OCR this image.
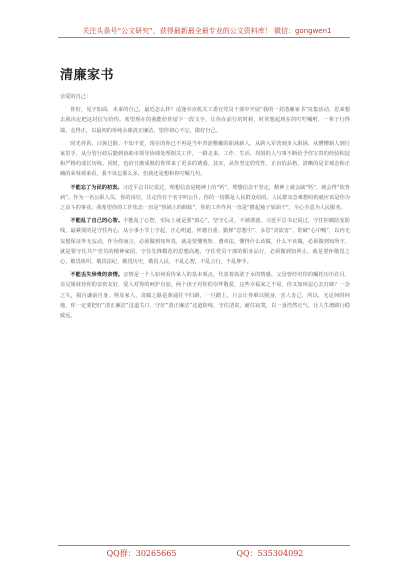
关注头条号“公文研究”，获得最新最全最专业的公文资料库！ 微信：gongwen1
清廉家书

亲爱的自己：

你好，见字如面。未来的自己，最近怎么样？适逢市直机关工委在党员干部中开展“我的一封清廉家书”征集活动，思来想去我决定把这封信写给你。希望现在的我能给你留下一段文字，让你在前行的时候，时常想起现在的叮咛嘱咐，一辈子行得端、走得正，以最初的单纯永葆清正廉洁，望你初心不忘，做好自己。

时光荏苒，白驹过隙。不知不觉，现在的你已不再是当年青涩稚嫩的职场新人，从跨入军营到步入职场，从懵懵新人到行家里手，从分管行政后勤到协助市领导协调处理相关工作，一路走来，工作、生活、周围的人与事不断给予你宝贵的经验积淀和严格的成长历练，同时，也给日渐成熟的你带来了更多的诱惑。其实，从你坚定的党性、正直的品格、清晰的是非观念和正确的荣辱观来看，我不该忘那么多，但我还是想和你叮嘱几句。

不能忘了为民的初衷。习近平总书记说过，理想信念是精神上的“钙”，理想信念不坚定，精神上就会缺“钙”，就会得“软骨病”。作为一名公职人员，你的岗位，注定你有个名字叫公仆，你的一切都是人民群众给的。人民群众急难愁盼的就应该是你为之奋斗的事业。我希望你的工作状态一直是“热锅上的蚂蚁”，你的工作作风一直是“撸起袖子加油干”，全心全意为人民服务。

不能乱了自己的心智。不能乱了心智，实际上就是要“慎心”，坚守心灵，不被诱惑。习近平总书记说过，守住拒腐防变防线，最紧要的是守住内心，从小事小节上守起，正心明道，怀德自重。勤掸“思想尘”、多思“贪欲害”、常破“心中贼”，以内无妄想保证外无妄动。作为你而言，必须做到知所畏，就是要懂规矩、遵章法，懂得什么该做，什么不该做，必须做到知所守，就是要守住共产党员的精神家园，守住先锋模范的思想高地，守住党员干部的职业品行，必须做到知所止，就是要怀敬畏之心，敬畏组织，敬畏法纪，敬畏历史，敬畏人民，不乱心智，不乱言行，不乱伸手。

不能丢失珍贵的亲情。亲情是一个人如何看待家人的基本观点，代表着血浓于水的情感。父母曾经对你的嘱托历历在目，亲兄姐妹待你的亲密友好，爱人对你的呵护有加，两个孩子对你的崇拜敬爱，这些幸福来之不易，你又如何忍心去打破？一念之失，损自谦前自身，殃及家人，贪腐之路是条通往不归路，一旦踏上，只会让你难以脱身，害人害己，所以，无论何时何地，你一定要把好“清正廉洁”这道关口，守好“清正廉洁”这道防线，守住清贫，耐住寂寞，以一身浩然正气，让人生谱路行稳致远。

QQ群：30265665	QQ：535304092
